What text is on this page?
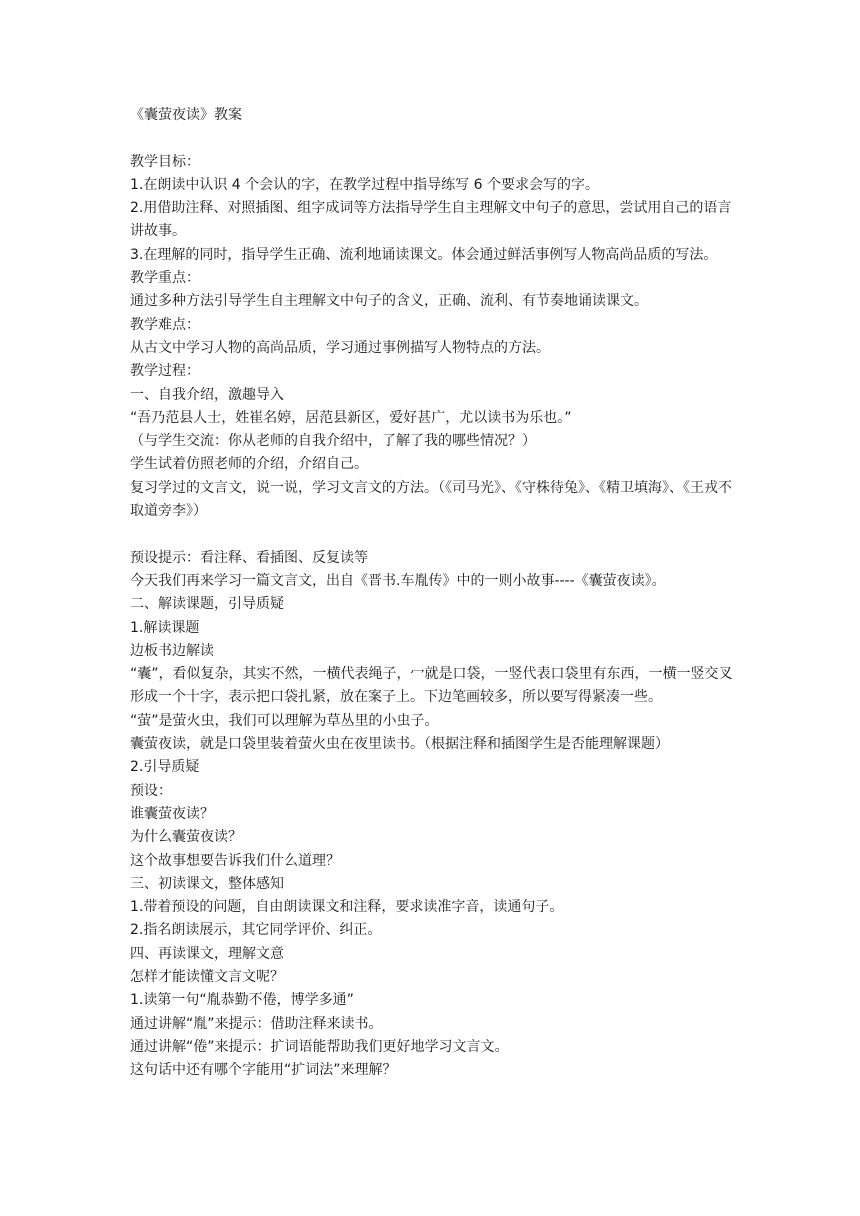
《囊萤夜读》教案
教学目标：
1.在朗读中认识 4 个会认的字，在教学过程中指导练写 6 个要求会写的字。
2.用借助注释、对照插图、组字成词等方法指导学生自主理解文中句子的意思，尝试用自己的语言讲故事。
3.在理解的同时，指导学生正确、流利地诵读课文。体会通过鲜活事例写人物高尚品质的写法。
教学重点：
通过多种方法引导学生自主理解文中句子的含义，正确、流利、有节奏地诵读课文。
教学难点：
从古文中学习人物的高尚品质，学习通过事例描写人物特点的方法。
教学过程：
一、自我介绍，激趣导入
“吾乃范县人士，姓崔名婷，居范县新区，爱好甚广，尤以读书为乐也。”
（与学生交流：你从老师的自我介绍中，了解了我的哪些情况？）
学生试着仿照老师的介绍，介绍自己。
复习学过的文言文，说一说，学习文言文的方法。（《司马光》、《守株待兔》、《精卫填海》、《王戎不取道旁李》）
预设提示：看注释、看插图、反复读等
今天我们再来学习一篇文言文，出自《晋书.车胤传》中的一则小故事----《囊萤夜读》。
二、解读课题，引导质疑
1.解读课题
边板书边解读
“囊”，看似复杂，其实不然，一横代表绳子，冖就是口袋，一竖代表口袋里有东西，一横一竖交叉形成一个十字，表示把口袋扎紧，放在案子上。下边笔画较多，所以要写得紧凑一些。
“萤”是萤火虫，我们可以理解为草丛里的小虫子。
囊萤夜读，就是口袋里装着萤火虫在夜里读书。（根据注释和插图学生是否能理解课题）
2.引导质疑
预设：
谁囊萤夜读？
为什么囊萤夜读？
这个故事想要告诉我们什么道理？
三、初读课文，整体感知
1.带着预设的问题，自由朗读课文和注释，要求读准字音，读通句子。
2.指名朗读展示，其它同学评价、纠正。
四、再读课文，理解文意
怎样才能读懂文言文呢？
1.读第一句“胤恭勤不倦，博学多通”
通过讲解“胤”来提示：借助注释来读书。
通过讲解“倦”来提示：扩词语能帮助我们更好地学习文言文。
这句话中还有哪个字能用“扩词法”来理解？
